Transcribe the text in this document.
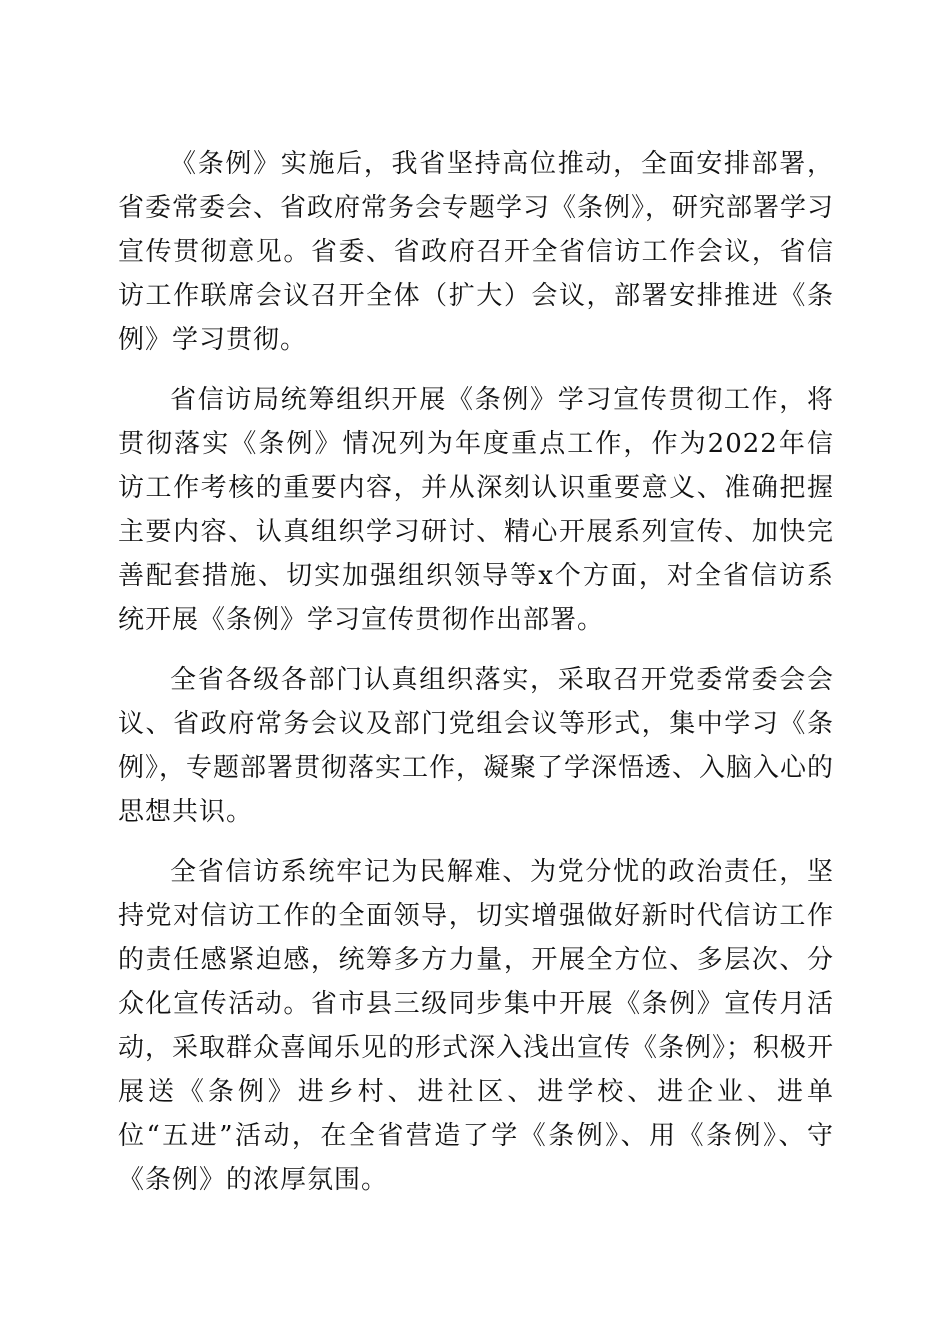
《条例》实施后，我省坚持高位推动，全面安排部署，省委常委会、省政府常务会专题学习《条例》，研究部署学习宣传贯彻意见。省委、省政府召开全省信访工作会议，省信访工作联席会议召开全体（扩大）会议，部署安排推进《条例》学习贯彻。

省信访局统筹组织开展《条例》学习宣传贯彻工作，将贯彻落实《条例》情况列为年度重点工作，作为2022年信访工作考核的重要内容，并从深刻认识重要意义、准确把握主要内容、认真组织学习研讨、精心开展系列宣传、加快完善配套措施、切实加强组织领导等x个方面，对全省信访系统开展《条例》学习宣传贯彻作出部署。

全省各级各部门认真组织落实，采取召开党委常委会会议、省政府常务会议及部门党组会议等形式，集中学习《条例》，专题部署贯彻落实工作，凝聚了学深悟透、入脑入心的思想共识。

全省信访系统牢记为民解难、为党分忧的政治责任，坚持党对信访工作的全面领导，切实增强做好新时代信访工作的责任感紧迫感，统筹多方力量，开展全方位、多层次、分众化宣传活动。省市县三级同步集中开展《条例》宣传月活动，采取群众喜闻乐见的形式深入浅出宣传《条例》；积极开展送《条例》进乡村、进社区、进学校、进企业、进单位“五进”活动，在全省营造了学《条例》、用《条例》、守《条例》的浓厚氛围。
